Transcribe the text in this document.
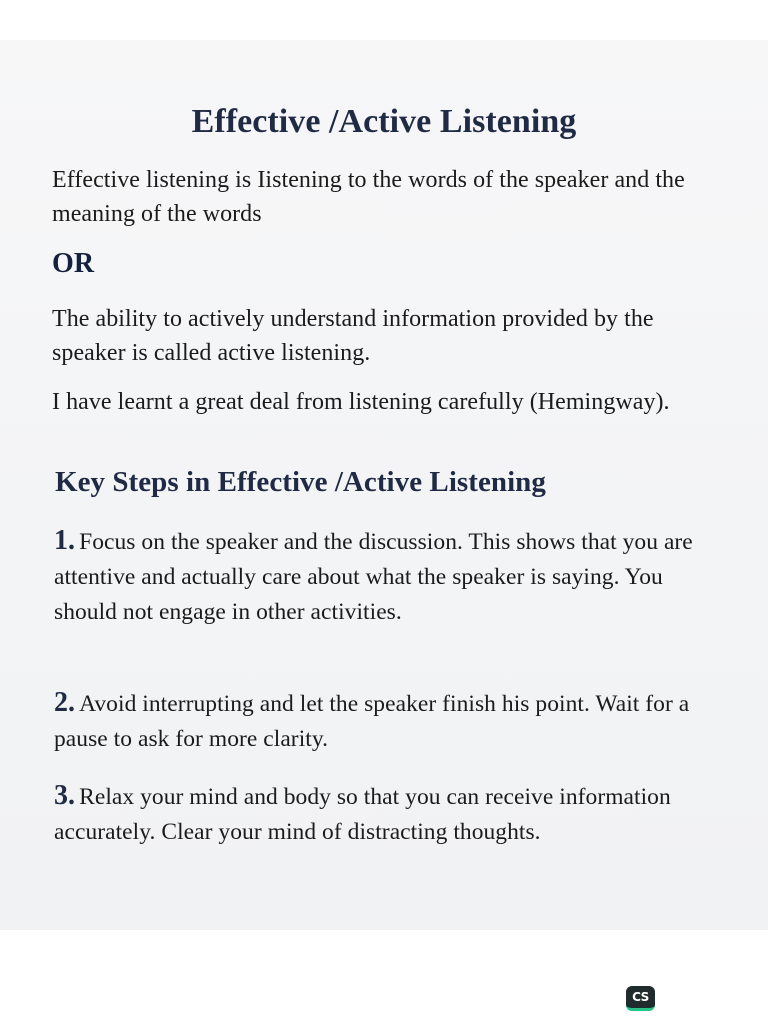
Effective /Active Listening

Effective listening is Iistening to the words of the speaker and the meaning of the words

OR

The ability to actively understand information provided by the speaker is called active listening.

I have learnt a great deal from listening carefully (Hemingway).

Key Steps in Effective /Active Listening

1. Focus on the speaker and the discussion. This shows that you are attentive and actually care about what the speaker is saying. You should not engage in other activities.

2. Avoid interrupting and let the speaker finish his point. Wait for a pause to ask for more clarity.

3. Relax your mind and body so that you can receive information accurately. Clear your mind of distracting thoughts.

CS
